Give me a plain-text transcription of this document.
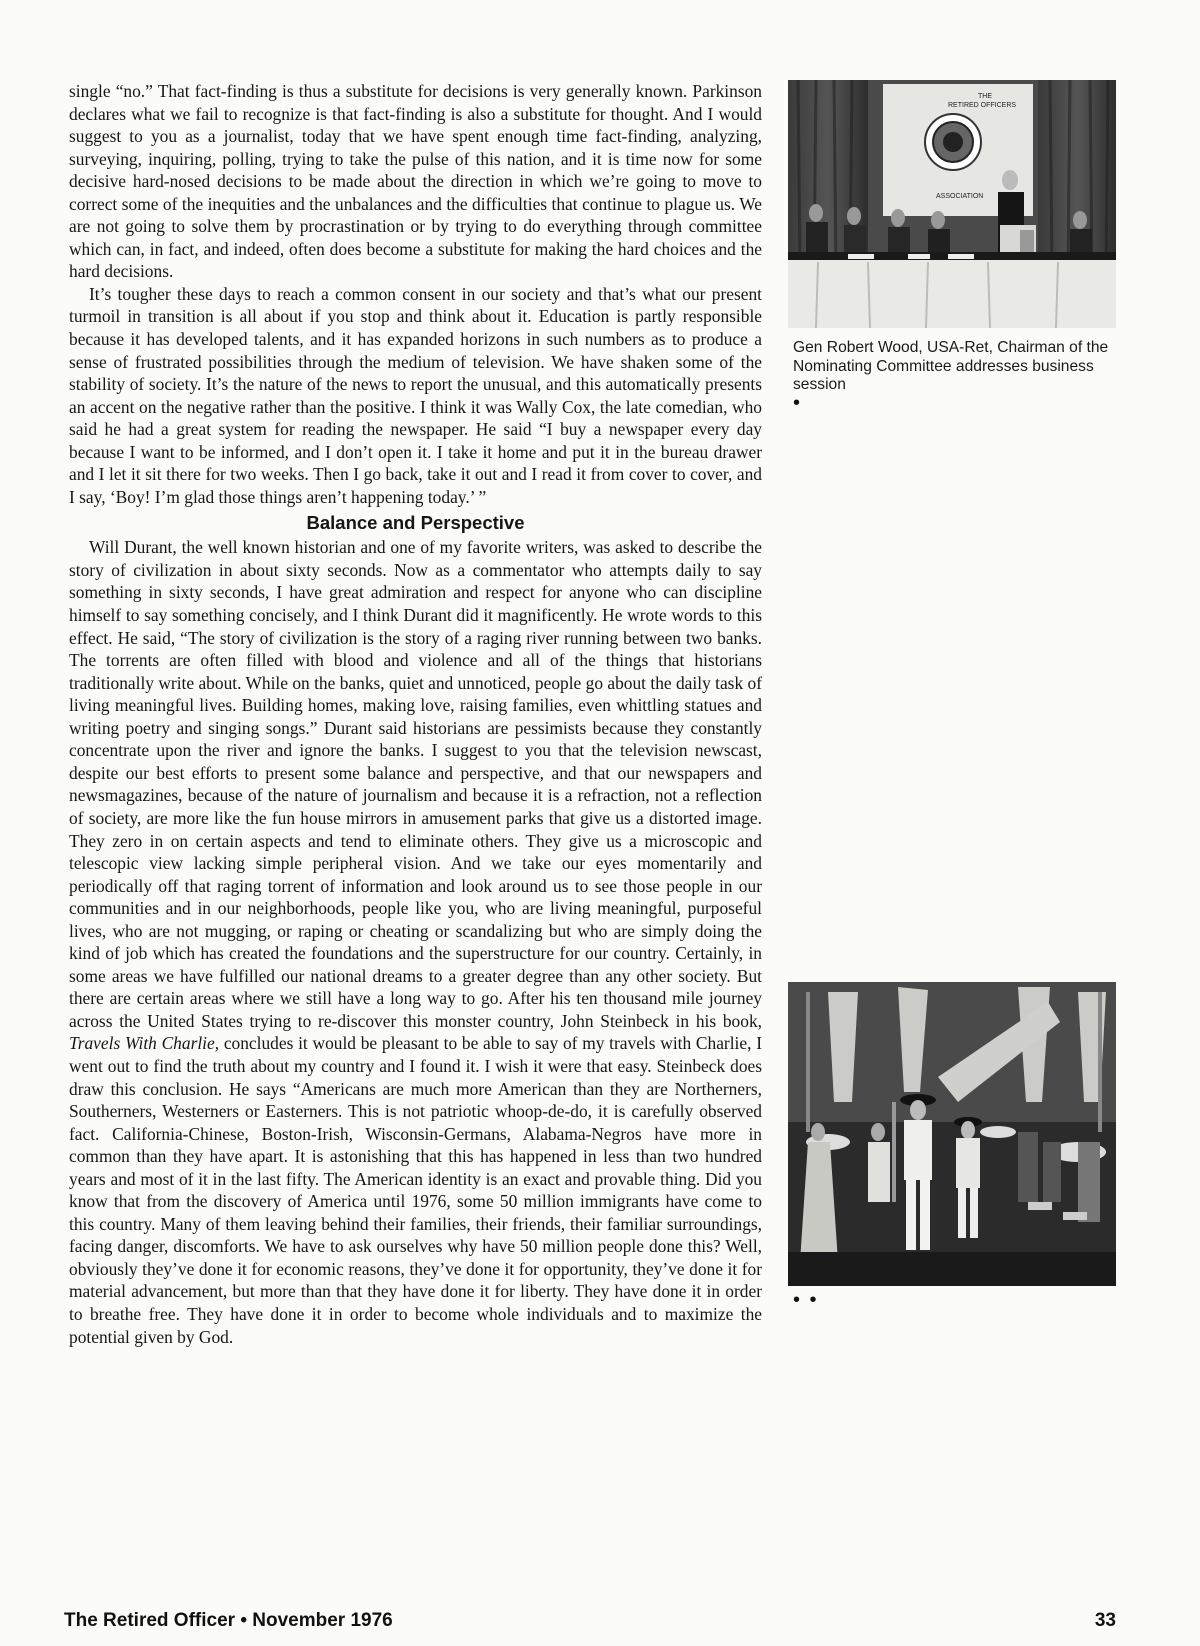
single “no.” That fact-finding is thus a substitute for decisions is very generally known. Parkinson declares what we fail to recognize is that fact-finding is also a substitute for thought. And I would suggest to you as a journalist, today that we have spent enough time fact-finding, analyzing, surveying, inquiring, polling, trying to take the pulse of this nation, and it is time now for some decisive hard-nosed decisions to be made about the direction in which we’re going to move to correct some of the inequities and the unbalances and the difficulties that continue to plague us. We are not going to solve them by procrastination or by trying to do everything through committee which can, in fact, and indeed, often does become a substitute for making the hard choices and the hard decisions.

It’s tougher these days to reach a common consent in our society and that’s what our present turmoil in transition is all about if you stop and think about it. Education is partly responsible because it has developed talents, and it has expanded horizons in such numbers as to produce a sense of frustrated possibilities through the medium of television. We have shaken some of the stability of society. It’s the nature of the news to report the unusual, and this automatically presents an accent on the negative rather than the positive. I think it was Wally Cox, the late comedian, who said he had a great system for reading the newspaper. He said “I buy a newspaper every day because I want to be informed, and I don’t open it. I take it home and put it in the bureau drawer and I let it sit there for two weeks. Then I go back, take it out and I read it from cover to cover, and I say, ‘Boy! I’m glad those things aren’t happening today.’ ”

Balance and Perspective

Will Durant, the well known historian and one of my favorite writers, was asked to describe the story of civilization in about sixty seconds. Now as a commentator who attempts daily to say something in sixty seconds, I have great admiration and respect for anyone who can discipline himself to say something concisely, and I think Durant did it magnificently. He wrote words to this effect. He said, “The story of civilization is the story of a raging river running between two banks. The torrents are often filled with blood and violence and all of the things that historians traditionally write about. While on the banks, quiet and unnoticed, people go about the daily task of living meaningful lives. Building homes, making love, raising families, even whittling statues and writing poetry and singing songs.” Durant said historians are pessimists because they constantly concentrate upon the river and ignore the banks. I suggest to you that the television newscast, despite our best efforts to present some balance and perspective, and that our newspapers and newsmagazines, because of the nature of journalism and because it is a refraction, not a reflection of society, are more like the fun house mirrors in amusement parks that give us a distorted image. They zero in on certain aspects and tend to eliminate others. They give us a microscopic and telescopic view lacking simple peripheral vision. And we take our eyes momentarily and periodically off that raging torrent of information and look around us to see those people in our communities and in our neighborhoods, people like you, who are living meaningful, purposeful lives, who are not mugging, or raping or cheating or scandalizing but who are simply doing the kind of job which has created the foundations and the superstructure for our country. Certainly, in some areas we have fulfilled our national dreams to a greater degree than any other society. But there are certain areas where we still have a long way to go. After his ten thousand mile journey across the United States trying to re-discover this monster country, John Steinbeck in his book, Travels With Charlie, concludes it would be pleasant to be able to say of my travels with Charlie, I went out to find the truth about my country and I found it. I wish it were that easy. Steinbeck does draw this conclusion. He says “Americans are much more American than they are Northerners, Southerners, Westerners or Easterners. This is not patriotic whoop-de-do, it is carefully observed fact. California-Chinese, Boston-Irish, Wisconsin-Germans, Alabama-Negros have more in common than they have apart. It is astonishing that this has happened in less than two hundred years and most of it in the last fifty. The American identity is an exact and provable thing. Did you know that from the discovery of America until 1976, some 50 million immigrants have come to this country. Many of them leaving behind their families, their friends, their familiar surroundings, facing danger, discomforts. We have to ask ourselves why have 50 million people done this? Well, obviously they’ve done it for economic reasons, they’ve done it for opportunity, they’ve done it for material advancement, but more than that they have done it for liberty. They have done it in order to breathe free. They have done it in order to become whole individuals and to maximize the potential given by God.

THE
RETIRED OFFICERS
ASSOCIATION
Gen Robert Wood, USA-Ret, Chairman of the Nominating Committee addresses business session
•
• •
The Retired Officer • November 1976	33
